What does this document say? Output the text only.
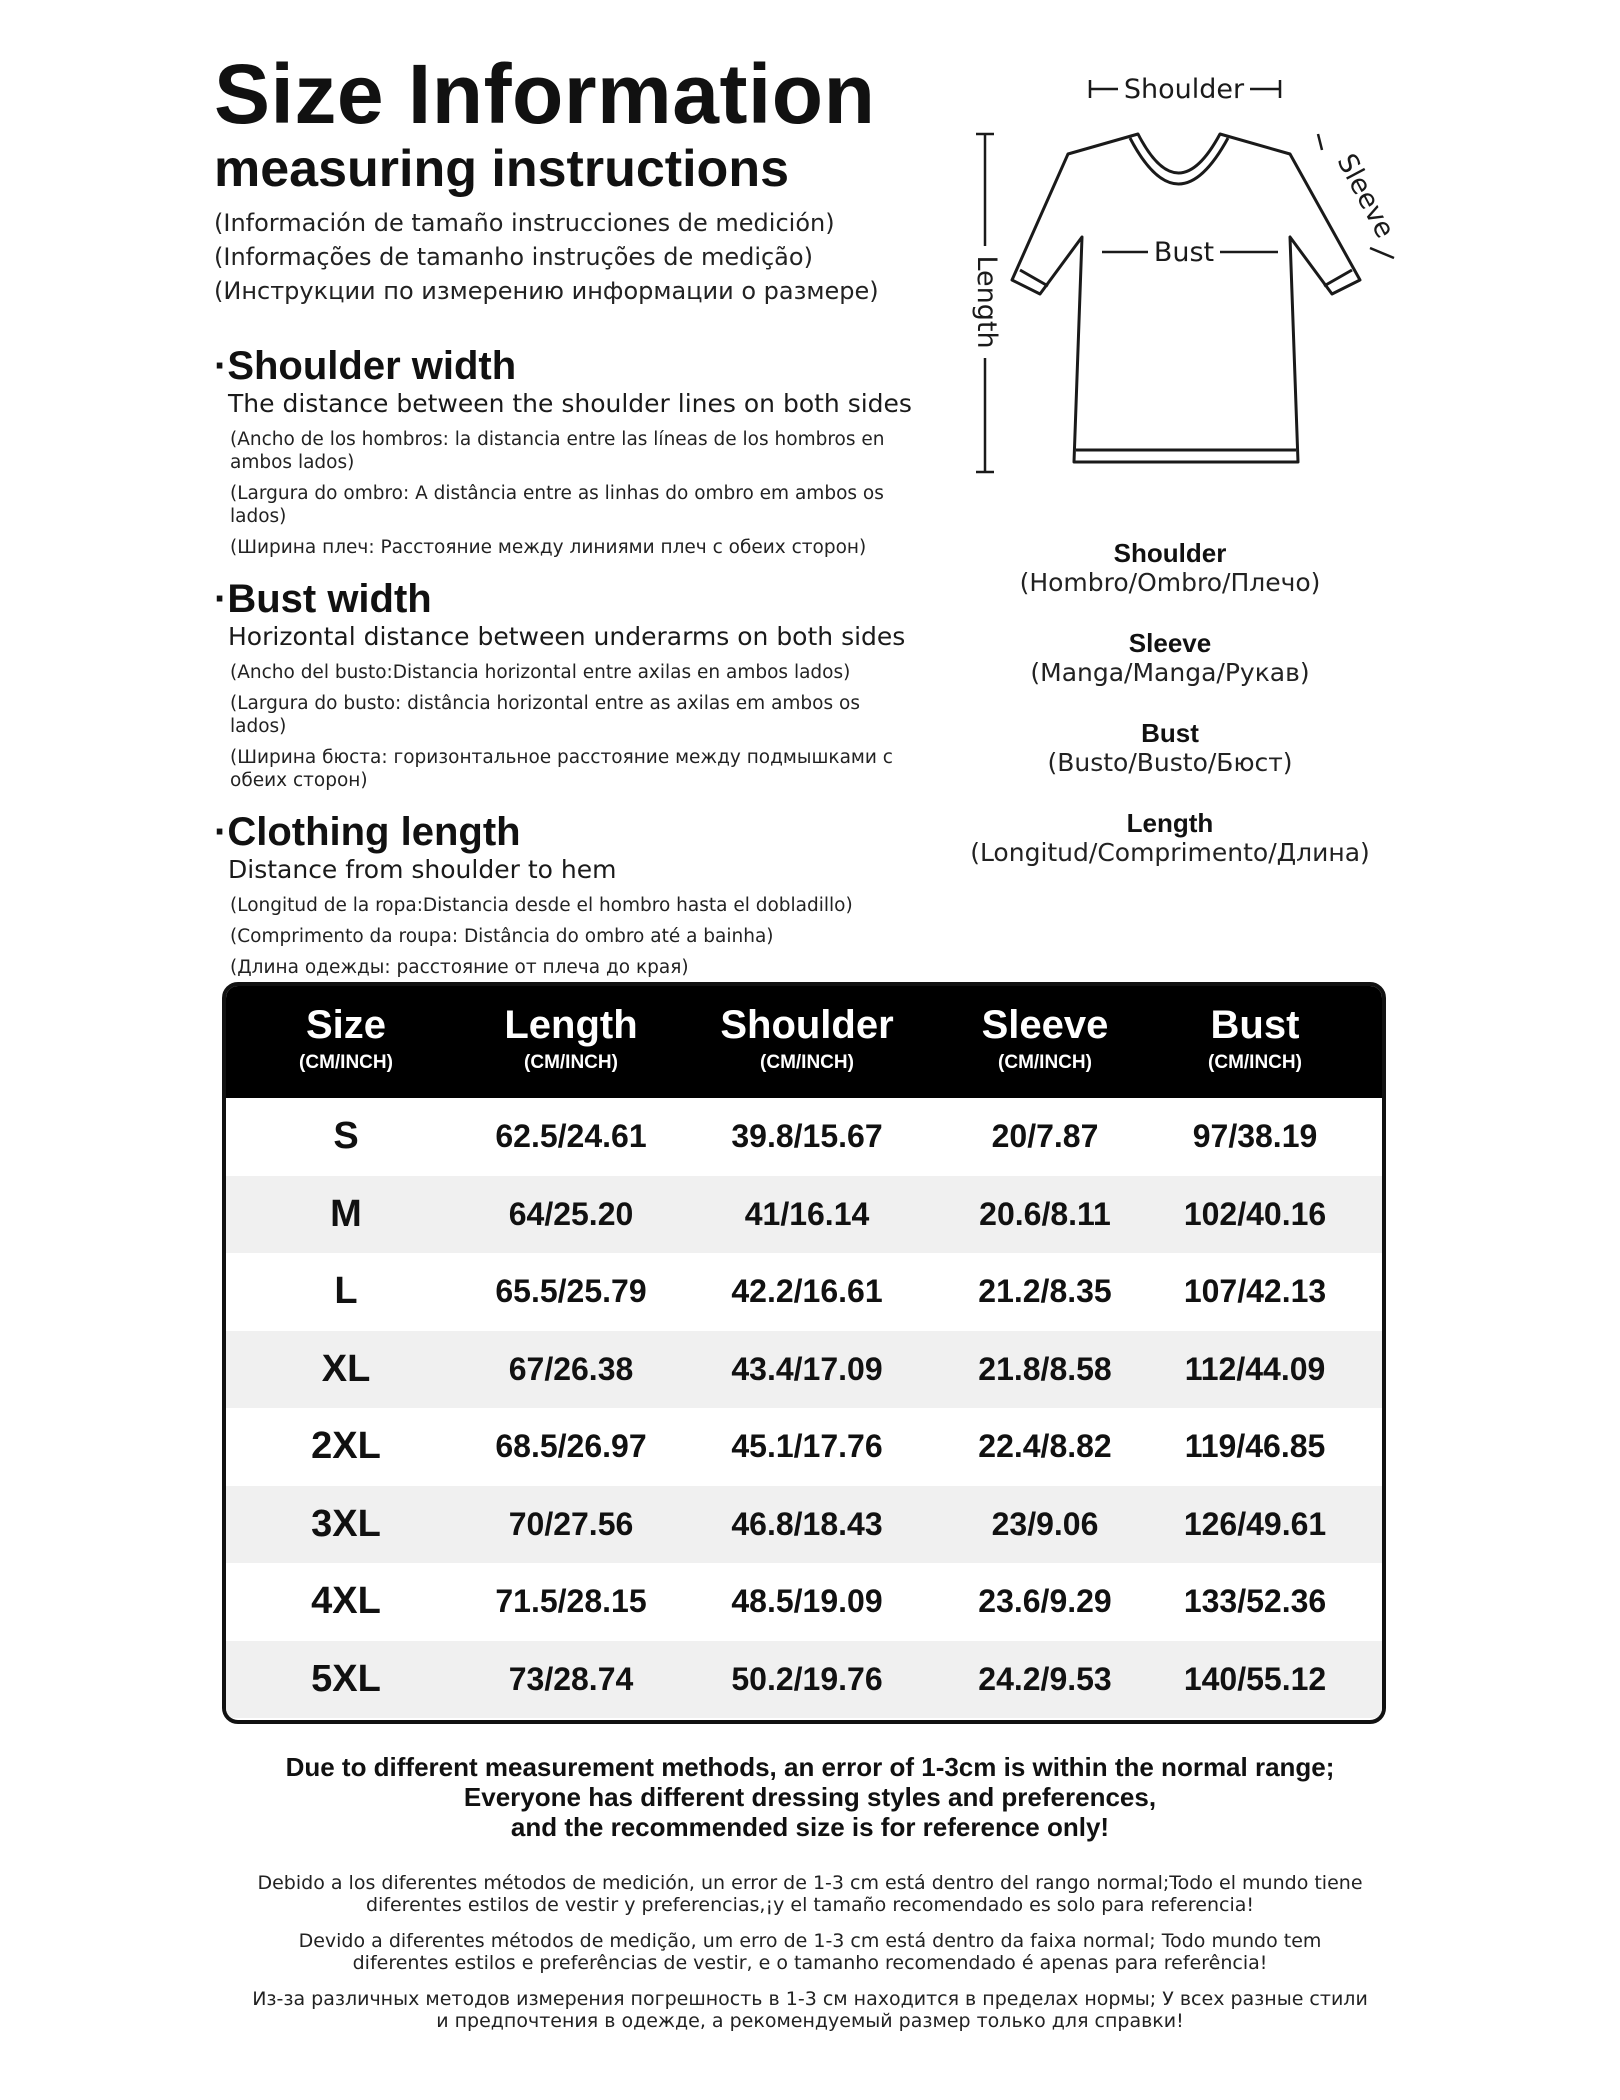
Size Information
measuring instructions
(Información de tamaño instrucciones de medición)
(Informações de tamanho instruções de medição)
(Инструкции по измерению информации о размере)
·Shoulder width
The distance between the shoulder lines on both sides
(Ancho de los hombros: la distancia entre las líneas de los hombros en ambos lados)
(Largura do ombro: A distância entre as linhas do ombro em ambos os lados)
(Ширина плеч: Расстояние между линиями плеч с обеих сторон)
·Bust width
Horizontal distance between underarms on both sides
(Ancho del busto:Distancia horizontal entre axilas en ambos lados)
(Largura do busto: distância horizontal entre as axilas em ambos os lados)
(Ширина бюста: горизонтальное расстояние между подмышками с обеих сторон)
·Clothing length
Distance from shoulder to hem
(Longitud de la ropa:Distancia desde el hombro hasta el dobladillo)
(Comprimento da roupa: Distância do ombro até a bainha)
(Длина одежды: расстояние от плеча до края)
Shoulder
Bust
Length
Sleeve
Shoulder
(Hombro/Ombro/Плечо)
Sleeve
(Manga/Manga/Рукав)
Bust
(Busto/Busto/Бюст)
Length
(Longitud/Comprimento/Длина)
Size
(CM/INCH)
Length
(CM/INCH)
Shoulder
(CM/INCH)
Sleeve
(CM/INCH)
Bust
(CM/INCH)
S	62.5/24.61	39.8/15.67	20/7.87	97/38.19
M	64/25.20	41/16.14	20.6/8.11	102/40.16
L	65.5/25.79	42.2/16.61	21.2/8.35	107/42.13
XL	67/26.38	43.4/17.09	21.8/8.58	112/44.09
2XL	68.5/26.97	45.1/17.76	22.4/8.82	119/46.85
3XL	70/27.56	46.8/18.43	23/9.06	126/49.61
4XL	71.5/28.15	48.5/19.09	23.6/9.29	133/52.36
5XL	73/28.74	50.2/19.76	24.2/9.53	140/55.12
Due to different measurement methods, an error of 1-3cm is within the normal range;
Everyone has different dressing styles and preferences,
and the recommended size is for reference only!
Debido a los diferentes métodos de medición, un error de 1-3 cm está dentro del rango normal;Todo el mundo tiene
diferentes estilos de vestir y preferencias,¡y el tamaño recomendado es solo para referencia!
Devido a diferentes métodos de medição, um erro de 1-3 cm está dentro da faixa normal; Todo mundo tem
diferentes estilos e preferências de vestir, e o tamanho recomendado é apenas para referência!
Из-за различных методов измерения погрешность в 1-3 см находится в пределах нормы; У всех разные стили
и предпочтения в одежде, а рекомендуемый размер только для справки!
